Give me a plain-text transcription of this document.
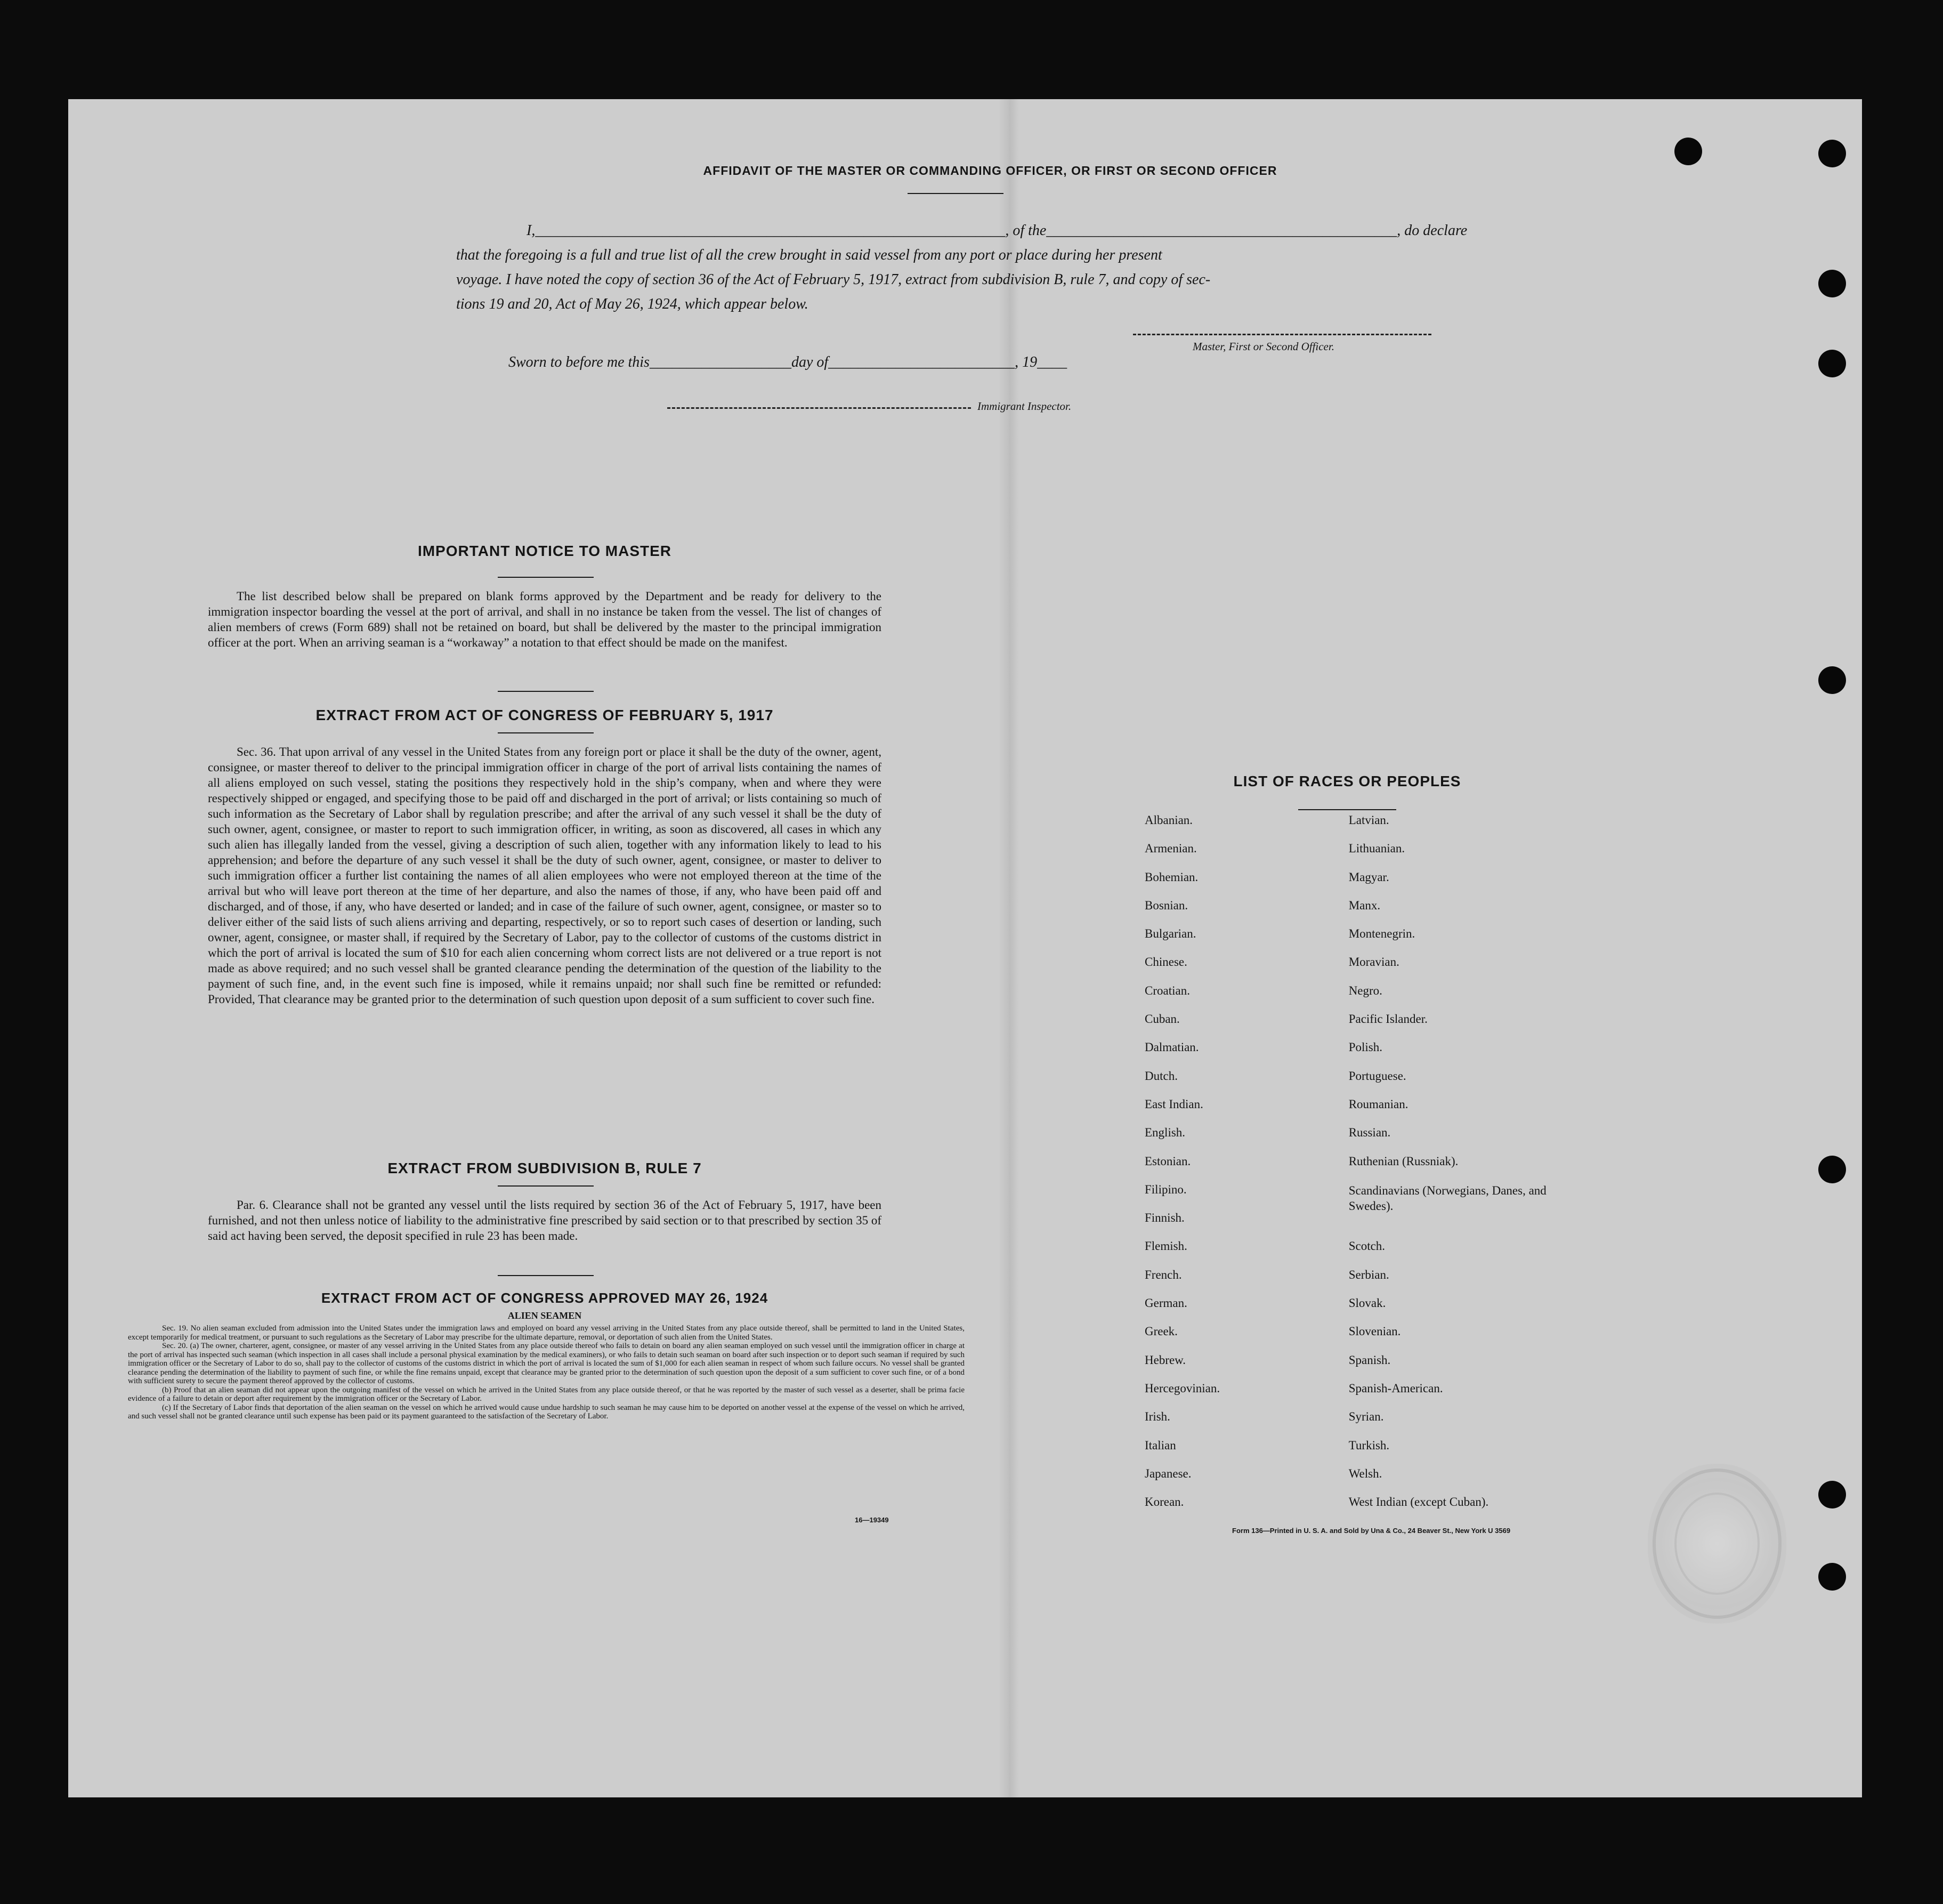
AFFIDAVIT OF THE MASTER OR COMMANDING OFFICER, OR FIRST OR SECOND OFFICER

I,_______________________________________________________________, of the_______________________________________________, do declare

that the foregoing is a full and true list of all the crew brought in said vessel from any port or place during her present

voyage. I have noted the copy of section 36 of the Act of February 5, 1917, extract from subdivision B, rule 7, and copy of sec-

tions 19 and 20, Act of May 26, 1924, which appear below.

Master, First or Second Officer.
Sworn to before me this___________________day of_________________________, 19____
Immigrant Inspector.
IMPORTANT NOTICE TO MASTER

The list described below shall be prepared on blank forms approved by the Department and be ready for delivery to the immigration inspector boarding the vessel at the port of arrival, and shall in no instance be taken from the vessel. The list of changes of alien members of crews (Form 689) shall not be retained on board, but shall be delivered by the master to the principal immigration officer at the port. When an arriving seaman is a “workaway” a notation to that effect should be made on the manifest.

EXTRACT FROM ACT OF CONGRESS OF FEBRUARY 5, 1917

Sec. 36. That upon arrival of any vessel in the United States from any foreign port or place it shall be the duty of the owner, agent, consignee, or master thereof to deliver to the principal immigration officer in charge of the port of arrival lists containing the names of all aliens employed on such vessel, stating the positions they respectively hold in the ship’s company, when and where they were respectively shipped or engaged, and specifying those to be paid off and discharged in the port of arrival; or lists containing so much of such information as the Secretary of Labor shall by regulation prescribe; and after the arrival of any such vessel it shall be the duty of such owner, agent, consignee, or master to report to such immigration officer, in writing, as soon as discovered, all cases in which any such alien has illegally landed from the vessel, giving a description of such alien, together with any information likely to lead to his apprehension; and before the departure of any such vessel it shall be the duty of such owner, agent, consignee, or master to deliver to such immigration officer a further list containing the names of all alien employees who were not employed thereon at the time of the arrival but who will leave port thereon at the time of her departure, and also the names of those, if any, who have been paid off and discharged, and of those, if any, who have deserted or landed; and in case of the failure of such owner, agent, consignee, or master so to deliver either of the said lists of such aliens arriving and departing, respectively, or so to report such cases of desertion or landing, such owner, agent, consignee, or master shall, if required by the Secretary of Labor, pay to the collector of customs of the customs district in which the port of arrival is located the sum of $10 for each alien concerning whom correct lists are not delivered or a true report is not made as above required; and no such vessel shall be granted clearance pending the determination of the question of the liability to the payment of such fine, and, in the event such fine is imposed, while it remains unpaid; nor shall such fine be remitted or refunded: Provided, That clearance may be granted prior to the determination of such question upon deposit of a sum sufficient to cover such fine.

EXTRACT FROM SUBDIVISION B, RULE 7

Par. 6. Clearance shall not be granted any vessel until the lists required by section 36 of the Act of February 5, 1917, have been furnished, and not then unless notice of liability to the administrative fine prescribed by said section or to that prescribed by section 35 of said act having been served, the deposit specified in rule 23 has been made.

EXTRACT FROM ACT OF CONGRESS APPROVED MAY 26, 1924
ALIEN SEAMEN

Sec. 19. No alien seaman excluded from admission into the United States under the immigration laws and employed on board any vessel arriving in the United States from any place outside thereof, shall be permitted to land in the United States, except temporarily for medical treatment, or pursuant to such regulations as the Secretary of Labor may prescribe for the ultimate departure, removal, or deportation of such alien from the United States.

Sec. 20. (a) The owner, charterer, agent, consignee, or master of any vessel arriving in the United States from any place outside thereof who fails to detain on board any alien seaman employed on such vessel until the immigration officer in charge at the port of arrival has inspected such seaman (which inspection in all cases shall include a personal physical examination by the medical examiners), or who fails to detain such seaman on board after such inspection or to deport such seaman if required by such immigration officer or the Secretary of Labor to do so, shall pay to the collector of customs of the customs district in which the port of arrival is located the sum of $1,000 for each alien seaman in respect of whom such failure occurs. No vessel shall be granted clearance pending the determination of the liability to payment of such fine, or while the fine remains unpaid, except that clearance may be granted prior to the determination of such question upon the deposit of a sum sufficient to cover such fine, or of a bond with sufficient surety to secure the payment thereof approved by the collector of customs.

(b) Proof that an alien seaman did not appear upon the outgoing manifest of the vessel on which he arrived in the United States from any place outside thereof, or that he was reported by the master of such vessel as a deserter, shall be prima facie evidence of a failure to detain or deport after requirement by the immigration officer or the Secretary of Labor.

(c) If the Secretary of Labor finds that deportation of the alien seaman on the vessel on which he arrived would cause undue hardship to such seaman he may cause him to be deported on another vessel at the expense of the vessel on which he arrived, and such vessel shall not be granted clearance until such expense has been paid or its payment guaranteed to the satisfaction of the Secretary of Labor.

16—19349
LIST OF RACES OR PEOPLES
Albanian.	Latvian.
Armenian.	Lithuanian.
Bohemian.	Magyar.
Bosnian.	Manx.
Bulgarian.	Montenegrin.
Chinese.	Moravian.
Croatian.	Negro.
Cuban.	Pacific Islander.
Dalmatian.	Polish.
Dutch.	Portuguese.
East Indian.	Roumanian.
English.	Russian.
Estonian.	Ruthenian (Russniak).
Filipino.	Scandinavians (Norwegians, Danes, and Swedes).
Finnish.
Flemish.	Scotch.
French.	Serbian.
German.	Slovak.
Greek.	Slovenian.
Hebrew.	Spanish.
Hercegovinian.	Spanish-American.
Irish.	Syrian.
Italian	Turkish.
Japanese.	Welsh.
Korean.	West Indian (except Cuban).
Form 136—Printed in U. S. A. and Sold by Una & Co., 24 Beaver St., New York U 3569
